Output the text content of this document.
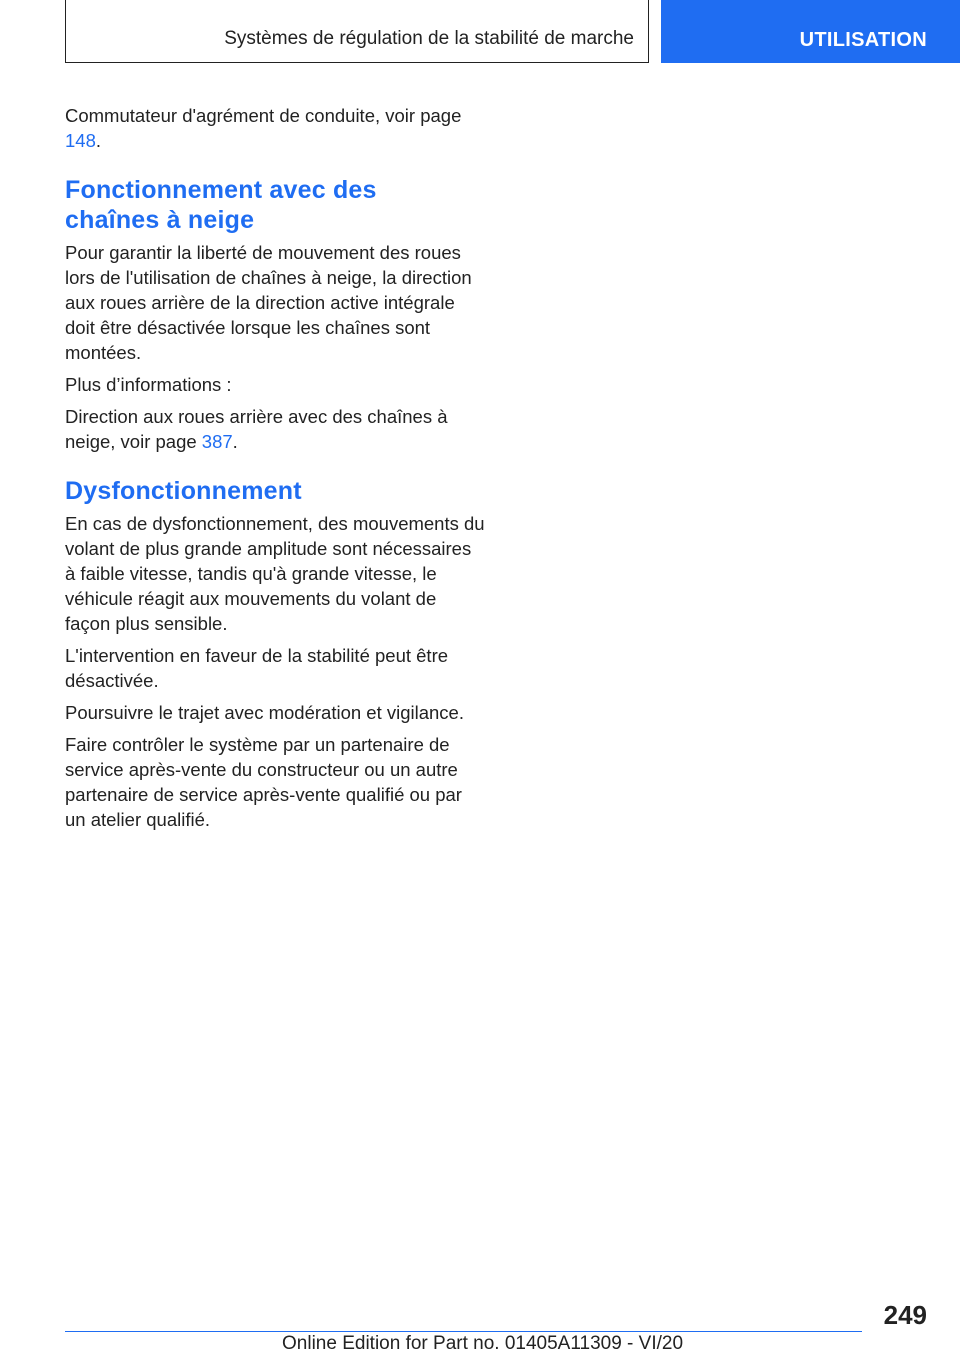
Systèmes de régulation de la stabilité de marche	UTILISATION

Commutateur d'agrément de conduite, voir page 148.

Fonctionnement avec des
chaînes à neige

Pour garantir la liberté de mouvement des roues lors de l'utilisation de chaînes à neige, la direction aux roues arrière de la direction active intégrale doit être désactivée lorsque les chaînes sont montées.

Plus d’informations :

Direction aux roues arrière avec des chaînes à neige, voir page 387.

Dysfonctionnement

En cas de dysfonctionnement, des mouvements du volant de plus grande amplitude sont nécessaires à faible vitesse, tandis qu'à grande vitesse, le véhicule réagit aux mouvements du volant de façon plus sensible.

L'intervention en faveur de la stabilité peut être désactivée.

Poursuivre le trajet avec modération et vigilance.

Faire contrôler le système par un partenaire de service après-vente du constructeur ou un autre partenaire de service après-vente qualifié ou par un atelier qualifié.

249
Online Edition for Part no. 01405A11309 - VI/20
